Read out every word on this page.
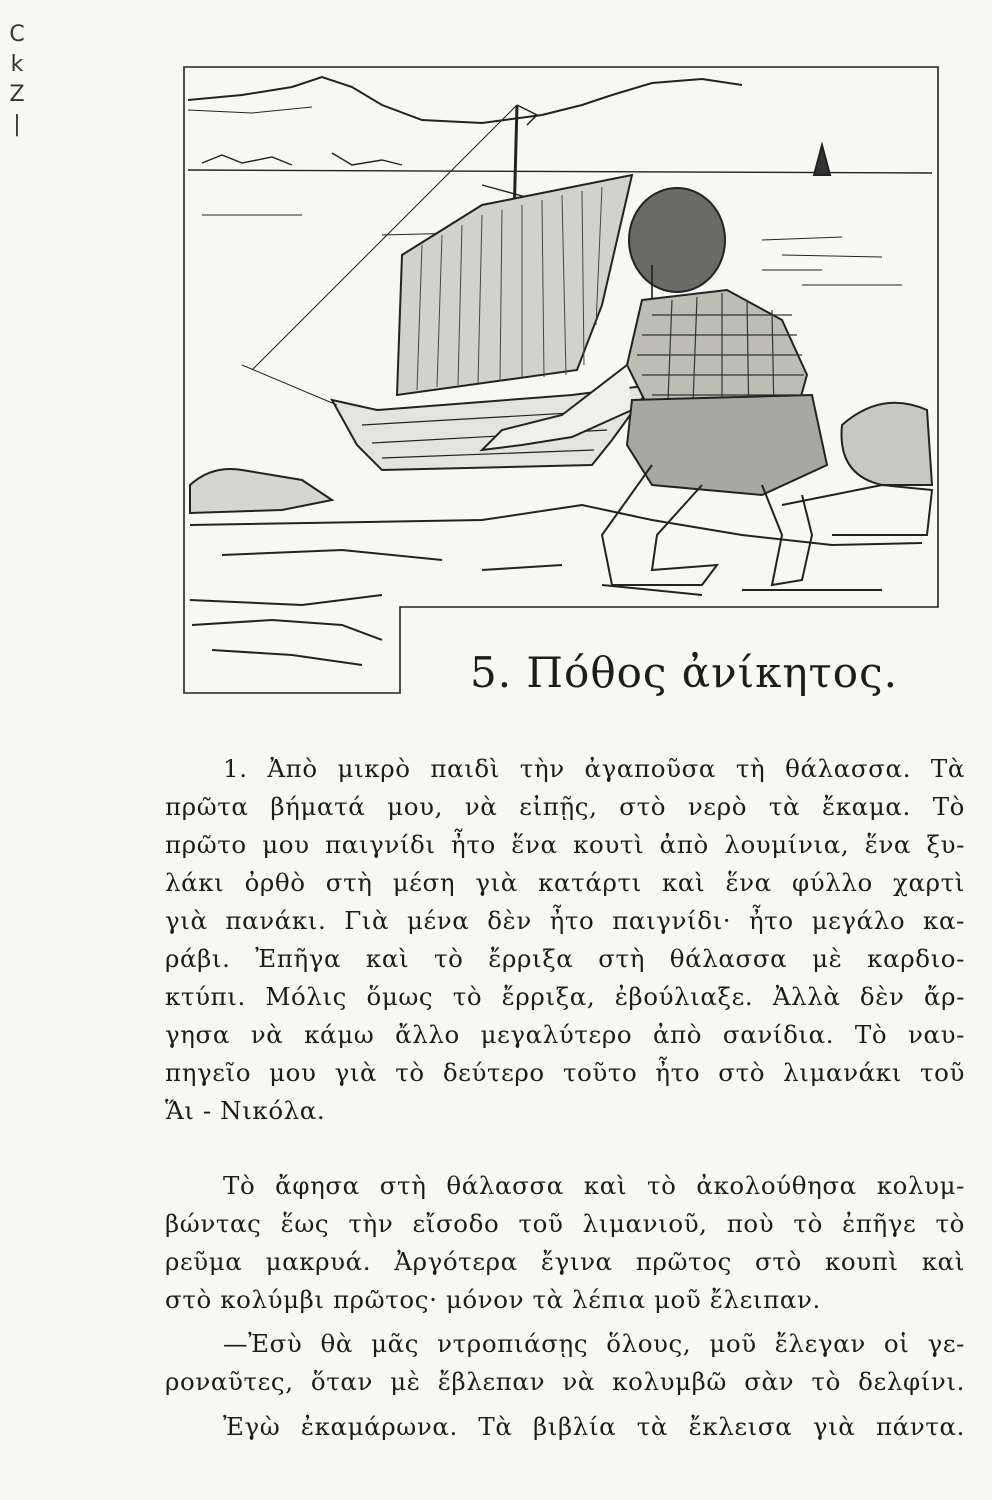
C
k
Z
|
5. Πόθος ἀνίκητος.
1. Ἀπὸ μικρὸ παιδὶ τὴν ἀγαποῦσα τὴ θάλασσα. Τὰ
πρῶτα βήματά μου, νὰ εἰπῇς, στὸ νερὸ τὰ ἔκαμα. Τὸ
πρῶτο μου παιγνίδι ἦτο ἕνα κουτὶ ἀπὸ λουμίνια, ἕνα ξυ-
λάκι ὀρθὸ στὴ μέση γιὰ κατάρτι καὶ ἕνα φύλλο χαρτὶ
γιὰ πανάκι. Γιὰ μένα δὲν ἦτο παιγνίδι· ἦτο μεγάλο κα-
ράβι. Ἐπῆγα καὶ τὸ ἔρριξα στὴ θάλασσα μὲ καρδιο-
κτύπι. Μόλις ὅμως τὸ ἔρριξα, ἐβούλιαξε. Ἀλλὰ δὲν ἄρ-
γησα νὰ κάμω ἄλλο μεγαλύτερο ἀπὸ σανίδια. Τὸ ναυ-
πηγεῖο μου γιὰ τὸ δεύτερο τοῦτο ἦτο στὸ λιμανάκι τοῦ
Ἅι - Νικόλα.
Τὸ ἄφησα στὴ θάλασσα καὶ τὸ ἀκολούθησα κολυμ-
βώντας ἕως τὴν εἴσοδο τοῦ λιμανιοῦ, ποὺ τὸ ἐπῆγε τὸ
ρεῦμα μακρυά. Ἀργότερα ἔγινα πρῶτος στὸ κουπὶ καὶ
στὸ κολύμβι πρῶτος· μόνον τὰ λέπια μοῦ ἔλειπαν.
—Ἐσὺ θὰ μᾶς ντροπιάσῃς ὅλους, μοῦ ἔλεγαν οἱ γε-
ροναῦτες, ὅταν μὲ ἔβλεπαν νὰ κολυμβῶ σὰν τὸ δελφίνι.
Ἐγὼ ἐκαμάρωνα. Τὰ βιβλία τὰ ἔκλεισα γιὰ πάντα.
